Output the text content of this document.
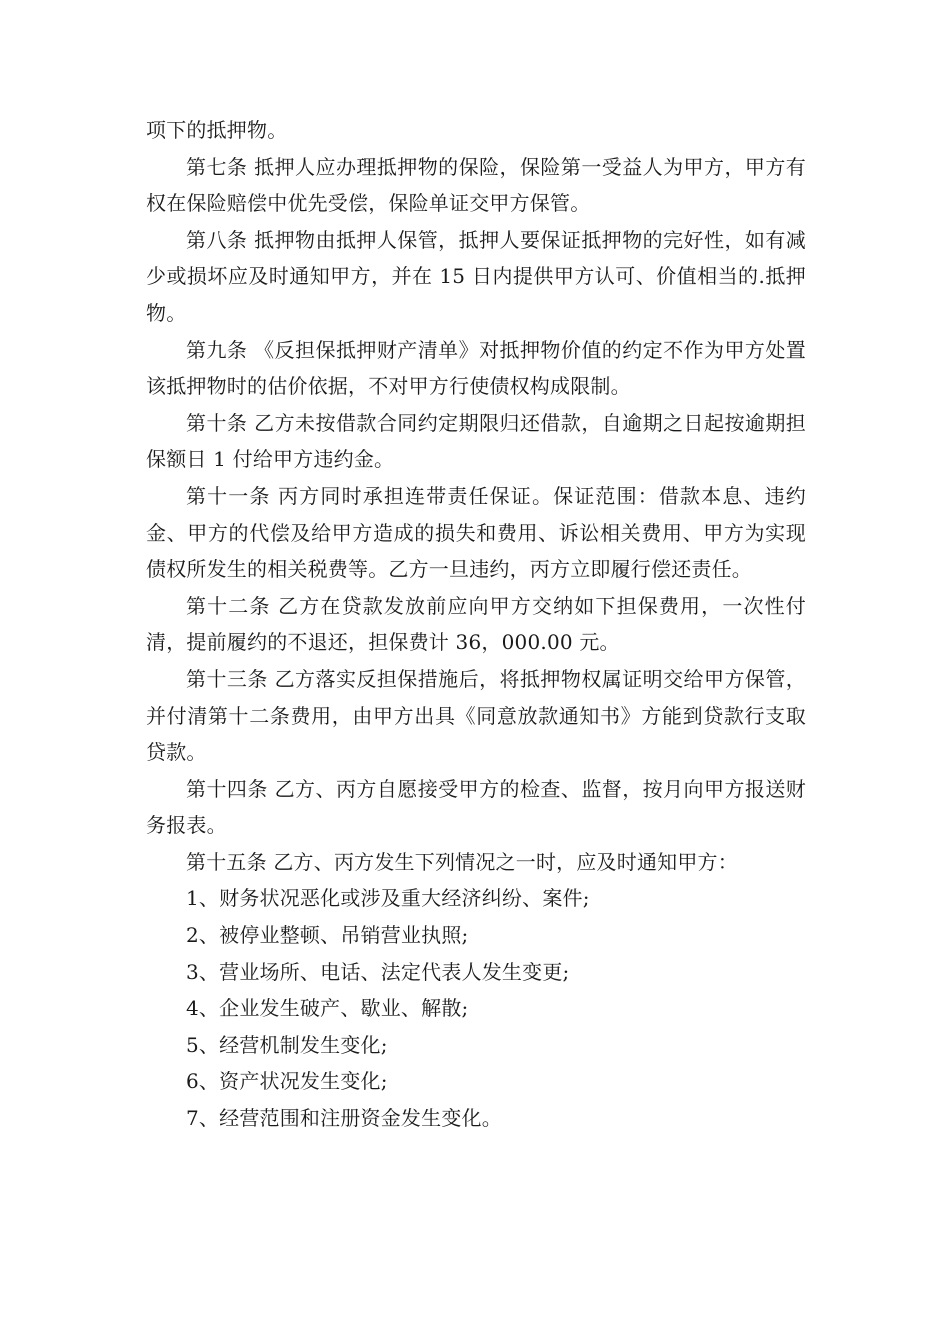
项下的抵押物。

第七条 抵押人应办理抵押物的保险，保险第一受益人为甲方，甲方有权在保险赔偿中优先受偿，保险单证交甲方保管。

第八条 抵押物由抵押人保管，抵押人要保证抵押物的完好性，如有减少或损坏应及时通知甲方，并在 15 日内提供甲方认可、价值相当的.抵押物。

第九条 《反担保抵押财产清单》对抵押物价值的约定不作为甲方处置该抵押物时的估价依据，不对甲方行使债权构成限制。

第十条 乙方未按借款合同约定期限归还借款，自逾期之日起按逾期担保额日 1 付给甲方违约金。

第十一条 丙方同时承担连带责任保证。保证范围：借款本息、违约金、甲方的代偿及给甲方造成的损失和费用、诉讼相关费用、甲方为实现债权所发生的相关税费等。乙方一旦违约，丙方立即履行偿还责任。

第十二条 乙方在贷款发放前应向甲方交纳如下担保费用，一次性付清，提前履约的不退还，担保费计 36，000.00 元。

第十三条 乙方落实反担保措施后，将抵押物权属证明交给甲方保管，并付清第十二条费用，由甲方出具《同意放款通知书》方能到贷款行支取贷款。

第十四条 乙方、丙方自愿接受甲方的检查、监督，按月向甲方报送财务报表。

第十五条 乙方、丙方发生下列情况之一时，应及时通知甲方：

1、财务状况恶化或涉及重大经济纠纷、案件;
2、被停业整顿、吊销营业执照;
3、营业场所、电话、法定代表人发生变更;
4、企业发生破产、歇业、解散;
5、经营机制发生变化;
6、资产状况发生变化;
7、经营范围和注册资金发生变化。
